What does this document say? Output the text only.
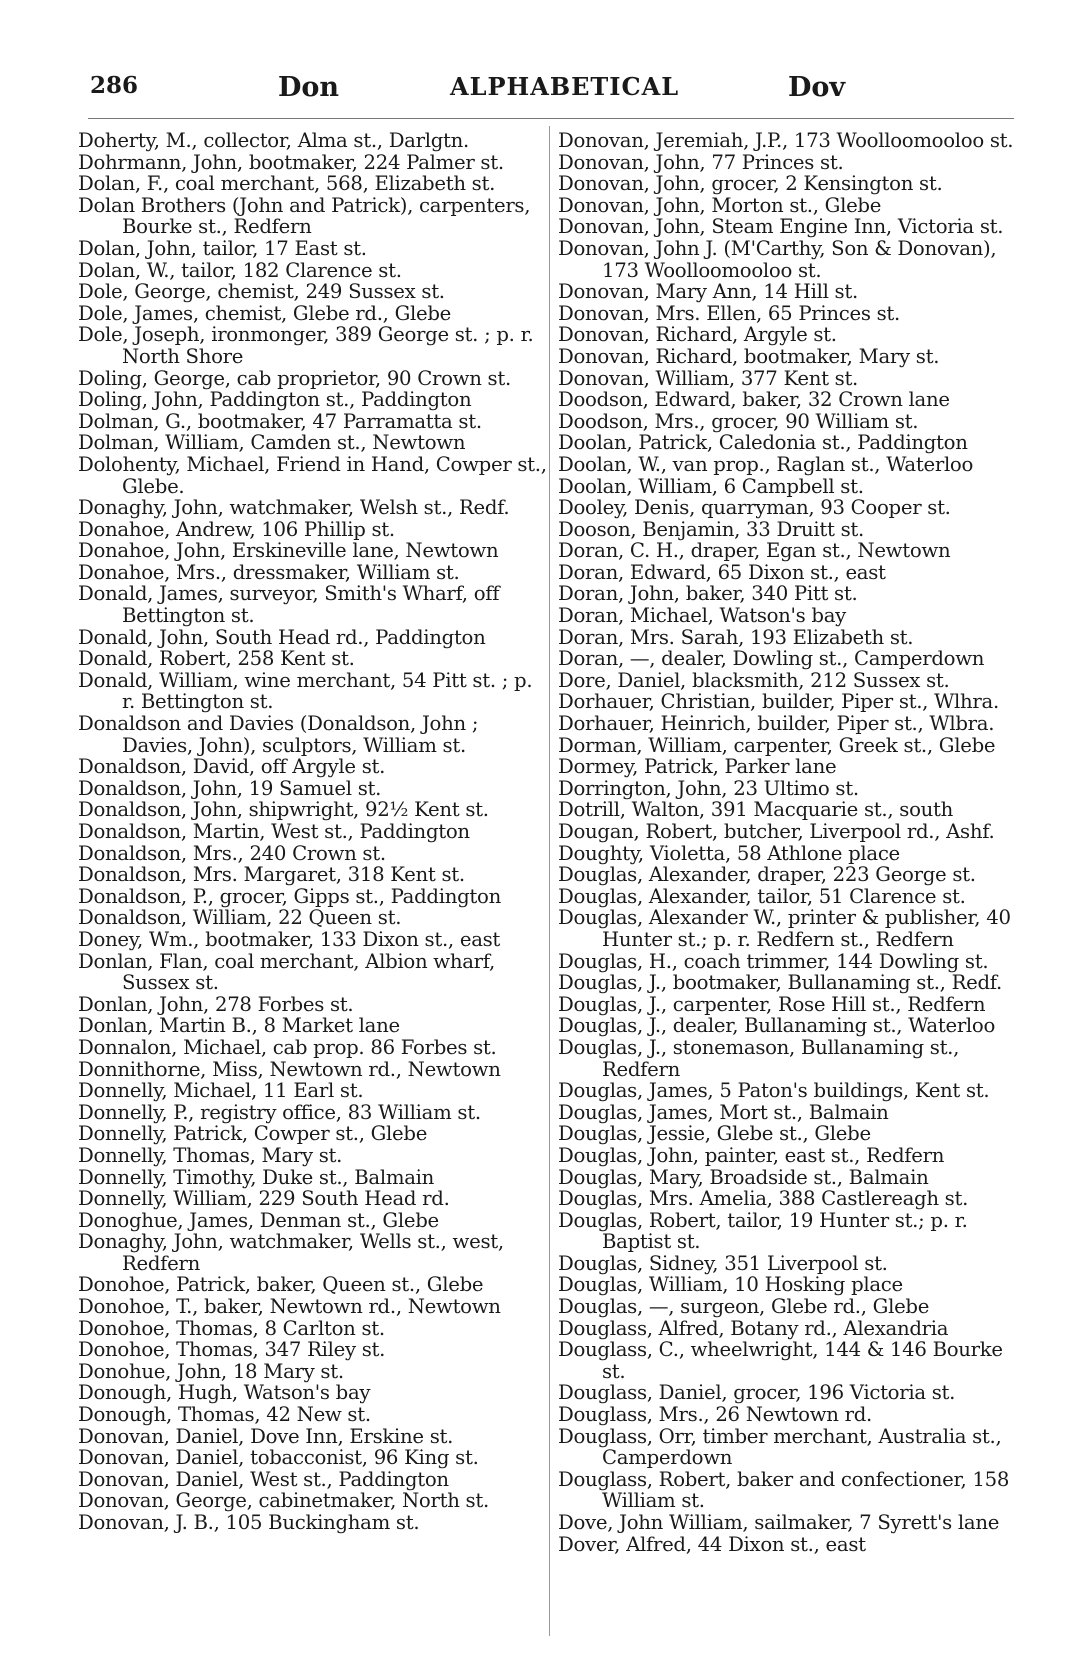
286	Don	ALPHABETICAL	Dov

Doherty, M., collector, Alma st., Darlgtn.

Dohrmann, John, bootmaker, 224 Palmer st.

Dolan, F., coal merchant, 568, Elizabeth st.

Dolan Brothers (John and Patrick), carpenters, Bourke st., Redfern

Dolan, John, tailor, 17 East st.

Dolan, W., tailor, 182 Clarence st.

Dole, George, chemist, 249 Sussex st.

Dole, James, chemist, Glebe rd., Glebe

Dole, Joseph, ironmonger, 389 George st. ; p. r. North Shore

Doling, George, cab proprietor, 90 Crown st.

Doling, John, Paddington st., Paddington

Dolman, G., bootmaker, 47 Parramatta st.

Dolman, William, Camden st., Newtown

Dolohenty, Michael, Friend in Hand, Cowper st., Glebe.

Donaghy, John, watchmaker, Welsh st., Redf.

Donahoe, Andrew, 106 Phillip st.

Donahoe, John, Erskineville lane, Newtown

Donahoe, Mrs., dressmaker, William st.

Donald, James, surveyor, Smith's Wharf, off Bettington st.

Donald, John, South Head rd., Paddington

Donald, Robert, 258 Kent st.

Donald, William, wine merchant, 54 Pitt st. ; p. r. Bettington st.

Donaldson and Davies (Donaldson, John ; Davies, John), sculptors, William st.

Donaldson, David, off Argyle st.

Donaldson, John, 19 Samuel st.

Donaldson, John, shipwright, 92½ Kent st.

Donaldson, Martin, West st., Paddington

Donaldson, Mrs., 240 Crown st.

Donaldson, Mrs. Margaret, 318 Kent st.

Donaldson, P., grocer, Gipps st., Paddington

Donaldson, William, 22 Queen st.

Doney, Wm., bootmaker, 133 Dixon st., east

Donlan, Flan, coal merchant, Albion wharf, Sussex st.

Donlan, John, 278 Forbes st.

Donlan, Martin B., 8 Market lane

Donnalon, Michael, cab prop. 86 Forbes st.

Donnithorne, Miss, Newtown rd., Newtown

Donnelly, Michael, 11 Earl st.

Donnelly, P., registry office, 83 William st.

Donnelly, Patrick, Cowper st., Glebe

Donnelly, Thomas, Mary st.

Donnelly, Timothy, Duke st., Balmain

Donnelly, William, 229 South Head rd.

Donoghue, James, Denman st., Glebe

Donaghy, John, watchmaker, Wells st., west, Redfern

Donohoe, Patrick, baker, Queen st., Glebe

Donohoe, T., baker, Newtown rd., Newtown

Donohoe, Thomas, 8 Carlton st.

Donohoe, Thomas, 347 Riley st.

Donohue, John, 18 Mary st.

Donough, Hugh, Watson's bay

Donough, Thomas, 42 New st.

Donovan, Daniel, Dove Inn, Erskine st.

Donovan, Daniel, tobacconist, 96 King st.

Donovan, Daniel, West st., Paddington

Donovan, George, cabinetmaker, North st.

Donovan, J. B., 105 Buckingham st.

Donovan, Jeremiah, J.P., 173 Woolloomooloo st.

Donovan, John, 77 Princes st.

Donovan, John, grocer, 2 Kensington st.

Donovan, John, Morton st., Glebe

Donovan, John, Steam Engine Inn, Victoria st.

Donovan, John J. (M'Carthy, Son & Donovan), 173 Woolloomooloo st.

Donovan, Mary Ann, 14 Hill st.

Donovan, Mrs. Ellen, 65 Princes st.

Donovan, Richard, Argyle st.

Donovan, Richard, bootmaker, Mary st.

Donovan, William, 377 Kent st.

Doodson, Edward, baker, 32 Crown lane

Doodson, Mrs., grocer, 90 William st.

Doolan, Patrick, Caledonia st., Paddington

Doolan, W., van prop., Raglan st., Waterloo

Doolan, William, 6 Campbell st.

Dooley, Denis, quarryman, 93 Cooper st.

Dooson, Benjamin, 33 Druitt st.

Doran, C. H., draper, Egan st., Newtown

Doran, Edward, 65 Dixon st., east

Doran, John, baker, 340 Pitt st.

Doran, Michael, Watson's bay

Doran, Mrs. Sarah, 193 Elizabeth st.

Doran, —, dealer, Dowling st., Camperdown

Dore, Daniel, blacksmith, 212 Sussex st.

Dorhauer, Christian, builder, Piper st., Wlhra.

Dorhauer, Heinrich, builder, Piper st., Wlbra.

Dorman, William, carpenter, Greek st., Glebe

Dormey, Patrick, Parker lane

Dorrington, John, 23 Ultimo st.

Dotrill, Walton, 391 Macquarie st., south

Dougan, Robert, butcher, Liverpool rd., Ashf.

Doughty, Violetta, 58 Athlone place

Douglas, Alexander, draper, 223 George st.

Douglas, Alexander, tailor, 51 Clarence st.

Douglas, Alexander W., printer & publisher, 40 Hunter st.; p. r. Redfern st., Redfern

Douglas, H., coach trimmer, 144 Dowling st.

Douglas, J., bootmaker, Bullanaming st., Redf.

Douglas, J., carpenter, Rose Hill st., Redfern

Douglas, J., dealer, Bullanaming st., Waterloo

Douglas, J., stonemason, Bullanaming st., Redfern

Douglas, James, 5 Paton's buildings, Kent st.

Douglas, James, Mort st., Balmain

Douglas, Jessie, Glebe st., Glebe

Douglas, John, painter, east st., Redfern

Douglas, Mary, Broadside st., Balmain

Douglas, Mrs. Amelia, 388 Castlereagh st.

Douglas, Robert, tailor, 19 Hunter st.; p. r. Baptist st.

Douglas, Sidney, 351 Liverpool st.

Douglas, William, 10 Hosking place

Douglas, —, surgeon, Glebe rd., Glebe

Douglass, Alfred, Botany rd., Alexandria

Douglass, C., wheelwright, 144 & 146 Bourke st.

Douglass, Daniel, grocer, 196 Victoria st.

Douglass, Mrs., 26 Newtown rd.

Douglass, Orr, timber merchant, Australia st., Camperdown

Douglass, Robert, baker and confectioner, 158 William st.

Dove, John William, sailmaker, 7 Syrett's lane

Dover, Alfred, 44 Dixon st., east
